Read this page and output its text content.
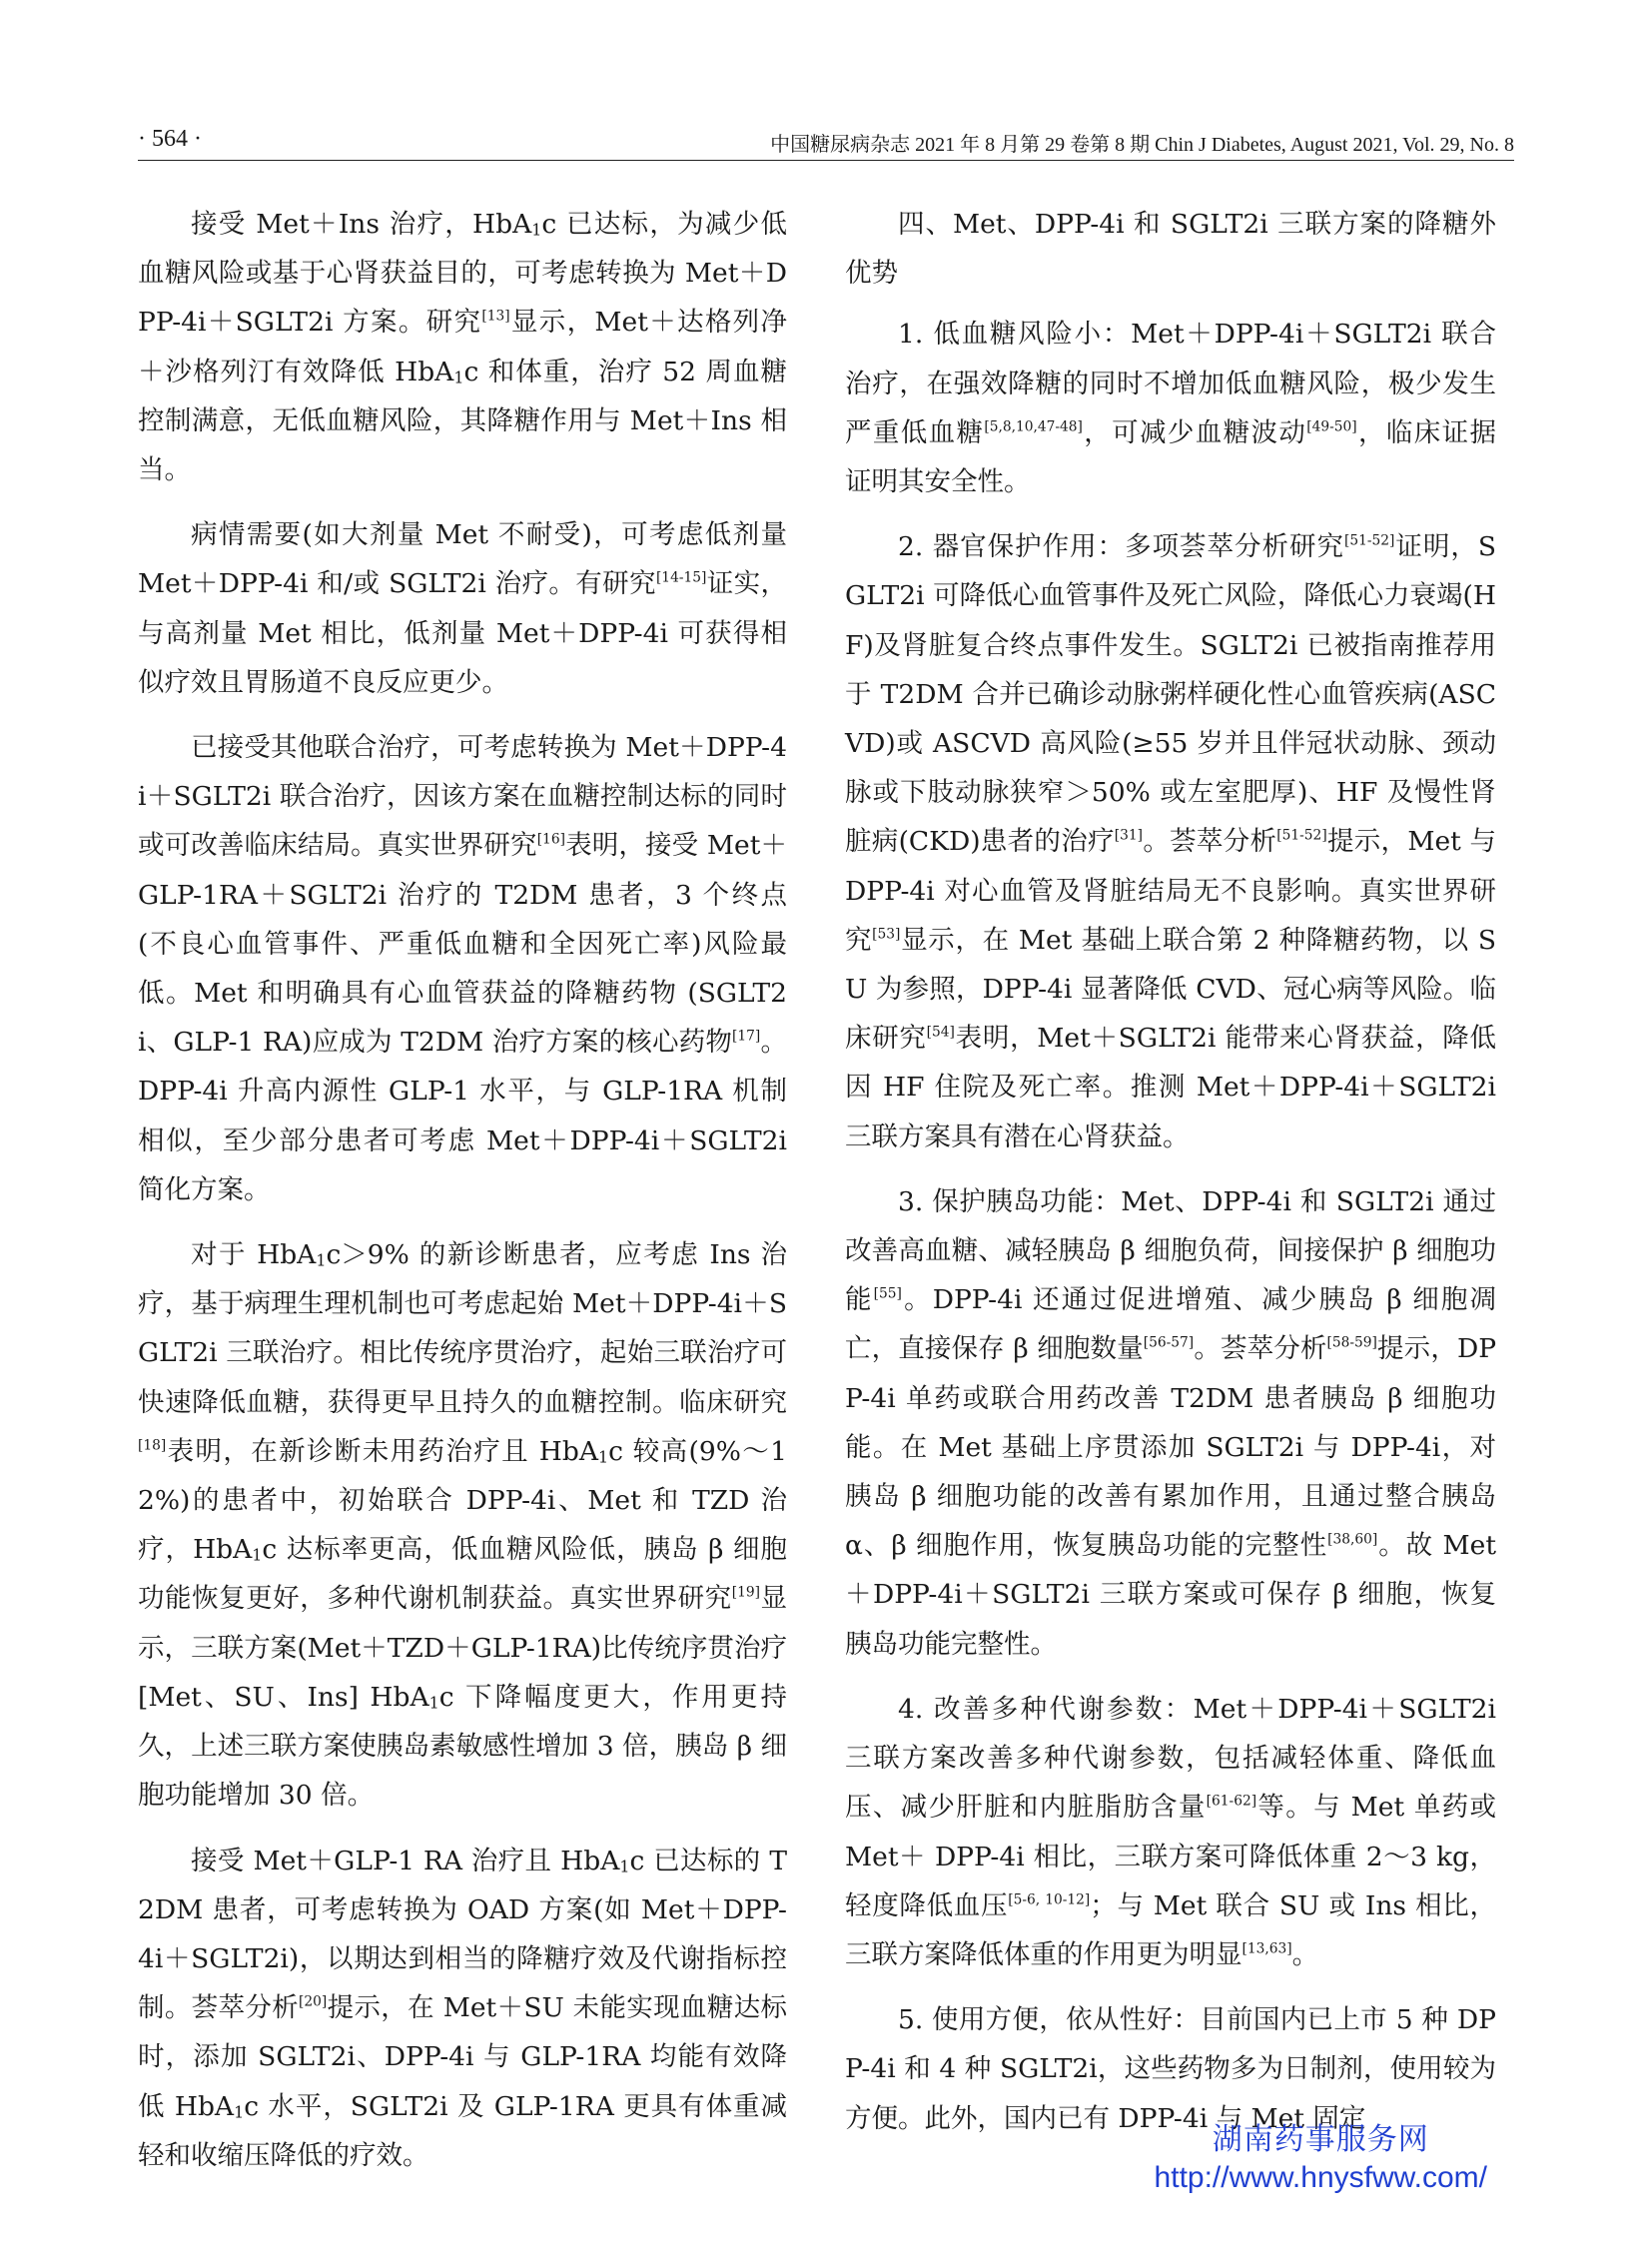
· 564 ·	中国糖尿病杂志 2021 年 8 月第 29 卷第 8 期 Chin J Diabetes, August 2021, Vol. 29, No. 8

接受 Met＋Ins 治疗，HbA$_1$c 已达标，为减少低血糖风险或基于心肾获益目的，可考虑转换为 Met＋DPP-4i＋SGLT2i 方案。研究[13]显示，Met＋达格列净＋沙格列汀有效降低 HbA$_1$c 和体重，治疗 52 周血糖控制满意，无低血糖风险，其降糖作用与 Met＋Ins 相当。

病情需要(如大剂量 Met 不耐受)，可考虑低剂量 Met＋DPP-4i 和/或 SGLT2i 治疗。有研究[14-15]证实，与高剂量 Met 相比，低剂量 Met＋DPP-4i 可获得相似疗效且胃肠道不良反应更少。

已接受其他联合治疗，可考虑转换为 Met＋DPP-4i＋SGLT2i 联合治疗，因该方案在血糖控制达标的同时或可改善临床结局。真实世界研究[16]表明，接受 Met＋GLP-1RA＋SGLT2i 治疗的 T2DM 患者，3 个终点(不良心血管事件、严重低血糖和全因死亡率)风险最低。Met 和明确具有心血管获益的降糖药物 (SGLT2i、GLP-1 RA)应成为 T2DM 治疗方案的核心药物[17]。DPP-4i 升高内源性 GLP-1 水平，与 GLP-1RA 机制相似，至少部分患者可考虑 Met＋DPP-4i＋SGLT2i 简化方案。

对于 HbA$_1$c＞9% 的新诊断患者，应考虑 Ins 治疗，基于病理生理机制也可考虑起始 Met＋DPP-4i＋SGLT2i 三联治疗。相比传统序贯治疗，起始三联治疗可快速降低血糖，获得更早且持久的血糖控制。临床研究[18]表明，在新诊断未用药治疗且 HbA$_1$c 较高(9%～12%)的患者中，初始联合 DPP-4i、Met 和 TZD 治疗，HbA$_1$c 达标率更高，低血糖风险低，胰岛 β 细胞功能恢复更好，多种代谢机制获益。真实世界研究[19]显示，三联方案(Met＋TZD＋GLP-1RA)比传统序贯治疗[Met、SU、Ins] HbA$_1$c 下降幅度更大，作用更持久，上述三联方案使胰岛素敏感性增加 3 倍，胰岛 β 细胞功能增加 30 倍。

接受 Met＋GLP-1 RA 治疗且 HbA$_1$c 已达标的 T2DM 患者，可考虑转换为 OAD 方案(如 Met＋DPP-4i＋SGLT2i)，以期达到相当的降糖疗效及代谢指标控制。荟萃分析[20]提示，在 Met＋SU 未能实现血糖达标时，添加 SGLT2i、DPP-4i 与 GLP-1RA 均能有效降低 HbA$_1$c 水平，SGLT2i 及 GLP-1RA 更具有体重减轻和收缩压降低的疗效。

四、Met、DPP-4i 和 SGLT2i 三联方案的降糖外优势

1. 低血糖风险小：Met＋DPP-4i＋SGLT2i 联合治疗，在强效降糖的同时不增加低血糖风险，极少发生严重低血糖[5,8,10,47-48]，可减少血糖波动[49-50]，临床证据证明其安全性。

2. 器官保护作用：多项荟萃分析研究[51-52]证明，SGLT2i 可降低心血管事件及死亡风险，降低心力衰竭(HF)及肾脏复合终点事件发生。SGLT2i 已被指南推荐用于 T2DM 合并已确诊动脉粥样硬化性心血管疾病(ASCVD)或 ASCVD 高风险(≥55 岁并且伴冠状动脉、颈动脉或下肢动脉狭窄＞50% 或左室肥厚)、HF 及慢性肾脏病(CKD)患者的治疗[31]。荟萃分析[51-52]提示，Met 与 DPP-4i 对心血管及肾脏结局无不良影响。真实世界研究[53]显示，在 Met 基础上联合第 2 种降糖药物，以 SU 为参照，DPP-4i 显著降低 CVD、冠心病等风险。临床研究[54]表明，Met＋SGLT2i 能带来心肾获益，降低因 HF 住院及死亡率。推测 Met＋DPP-4i＋SGLT2i 三联方案具有潜在心肾获益。

3. 保护胰岛功能：Met、DPP-4i 和 SGLT2i 通过改善高血糖、减轻胰岛 β 细胞负荷，间接保护 β 细胞功能[55]。DPP-4i 还通过促进增殖、减少胰岛 β 细胞凋亡，直接保存 β 细胞数量[56-57]。荟萃分析[58-59]提示，DPP-4i 单药或联合用药改善 T2DM 患者胰岛 β 细胞功能。在 Met 基础上序贯添加 SGLT2i 与 DPP-4i，对胰岛 β 细胞功能的改善有累加作用，且通过整合胰岛 α、β 细胞作用，恢复胰岛功能的完整性[38,60]。故 Met＋DPP-4i＋SGLT2i 三联方案或可保存 β 细胞，恢复胰岛功能完整性。

4. 改善多种代谢参数：Met＋DPP-4i＋SGLT2i 三联方案改善多种代谢参数，包括减轻体重、降低血压、减少肝脏和内脏脂肪含量[61-62]等。与 Met 单药或 Met＋ DPP-4i 相比，三联方案可降低体重 2～3 kg，轻度降低血压[5-6, 10-12]；与 Met 联合 SU 或 Ins 相比，三联方案降低体重的作用更为明显[13,63]。

5. 使用方便，依从性好：目前国内已上市 5 种 DPP-4i 和 4 种 SGLT2i，这些药物多为日制剂，使用较为方便。此外，国内已有 DPP-4i 与 Met 固定

湖南药事服务网
http://www.hnysfww.com/
